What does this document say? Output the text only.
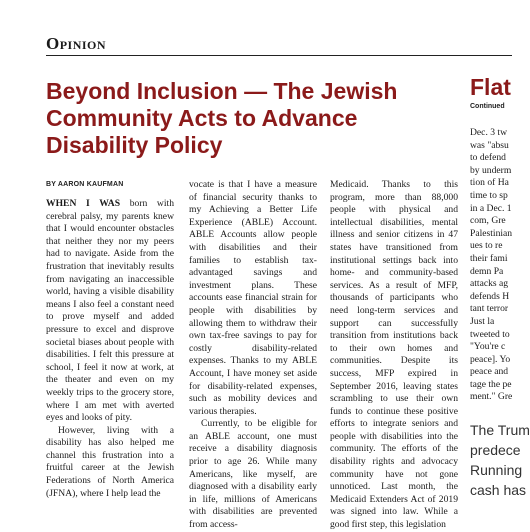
Opinion
Beyond Inclusion — The Jewish Community Acts to Advance Disability Policy
BY AARON KAUFMAN

WHEN I WAS born with cerebral palsy, my parents knew that I would encounter obstacles that neither they nor my peers had to navigate. Aside from the frustration that inevitably results from navigating an inaccessible world, having a visible disability means I also feel a constant need to prove myself and added pressure to excel and disprove societal biases about people with disabilities. I felt this pressure at school, I feel it now at work, at the theater and even on my weekly trips to the grocery store, where I am met with averted eyes and looks of pity.

However, living with a disability has also helped me channel this frustration into a fruitful career at the Jewish Federations of North America (JFNA), where I help lead the

vocate is that I have a measure of financial security thanks to my Achieving a Better Life Experience (ABLE) Account. ABLE Accounts allow people with disabilities and their families to establish tax-advantaged savings and investment plans. These accounts ease financial strain for people with disabilities by allowing them to withdraw their own tax-free savings to pay for costly disability-related expenses. Thanks to my ABLE Account, I have money set aside for disability-related expenses, such as mobility devices and various therapies.

Currently, to be eligible for an ABLE account, one must receive a disability diagnosis prior to age 26. While many Americans, like myself, are diagnosed with a disability early in life, millions of Americans with disabilities are prevented from access-

Medicaid. Thanks to this program, more than 88,000 people with physical and intellectual disabilities, mental illness and senior citizens in 47 states have transitioned from institutional settings back into home- and community-based services. As a result of MFP, thousands of participants who need long-term services and support can successfully transition from institutions back to their own homes and communities. Despite its success, MFP expired in September 2016, leaving states scrambling to use their own funds to continue these positive efforts to integrate seniors and people with disabilities into the community. The efforts of the disability rights and advocacy community have not gone unnoticed. Last month, the Medicaid Extenders Act of 2019 was signed into law. While a good first step, this legislation

Flat
Continued
Dec. 3 tw
was "absu
to defend
by underm
tion of Ha
time to sp
in a Dec. 1
com, Gre
Palestinian
ues to re
their fami
demn Pa
attacks ag
defends H
tant terror
Just la
tweeted to
"You're c
peace]. Yo
peace and
tage the pe
ment." Gre
The Trum
predece
Running
cash has
